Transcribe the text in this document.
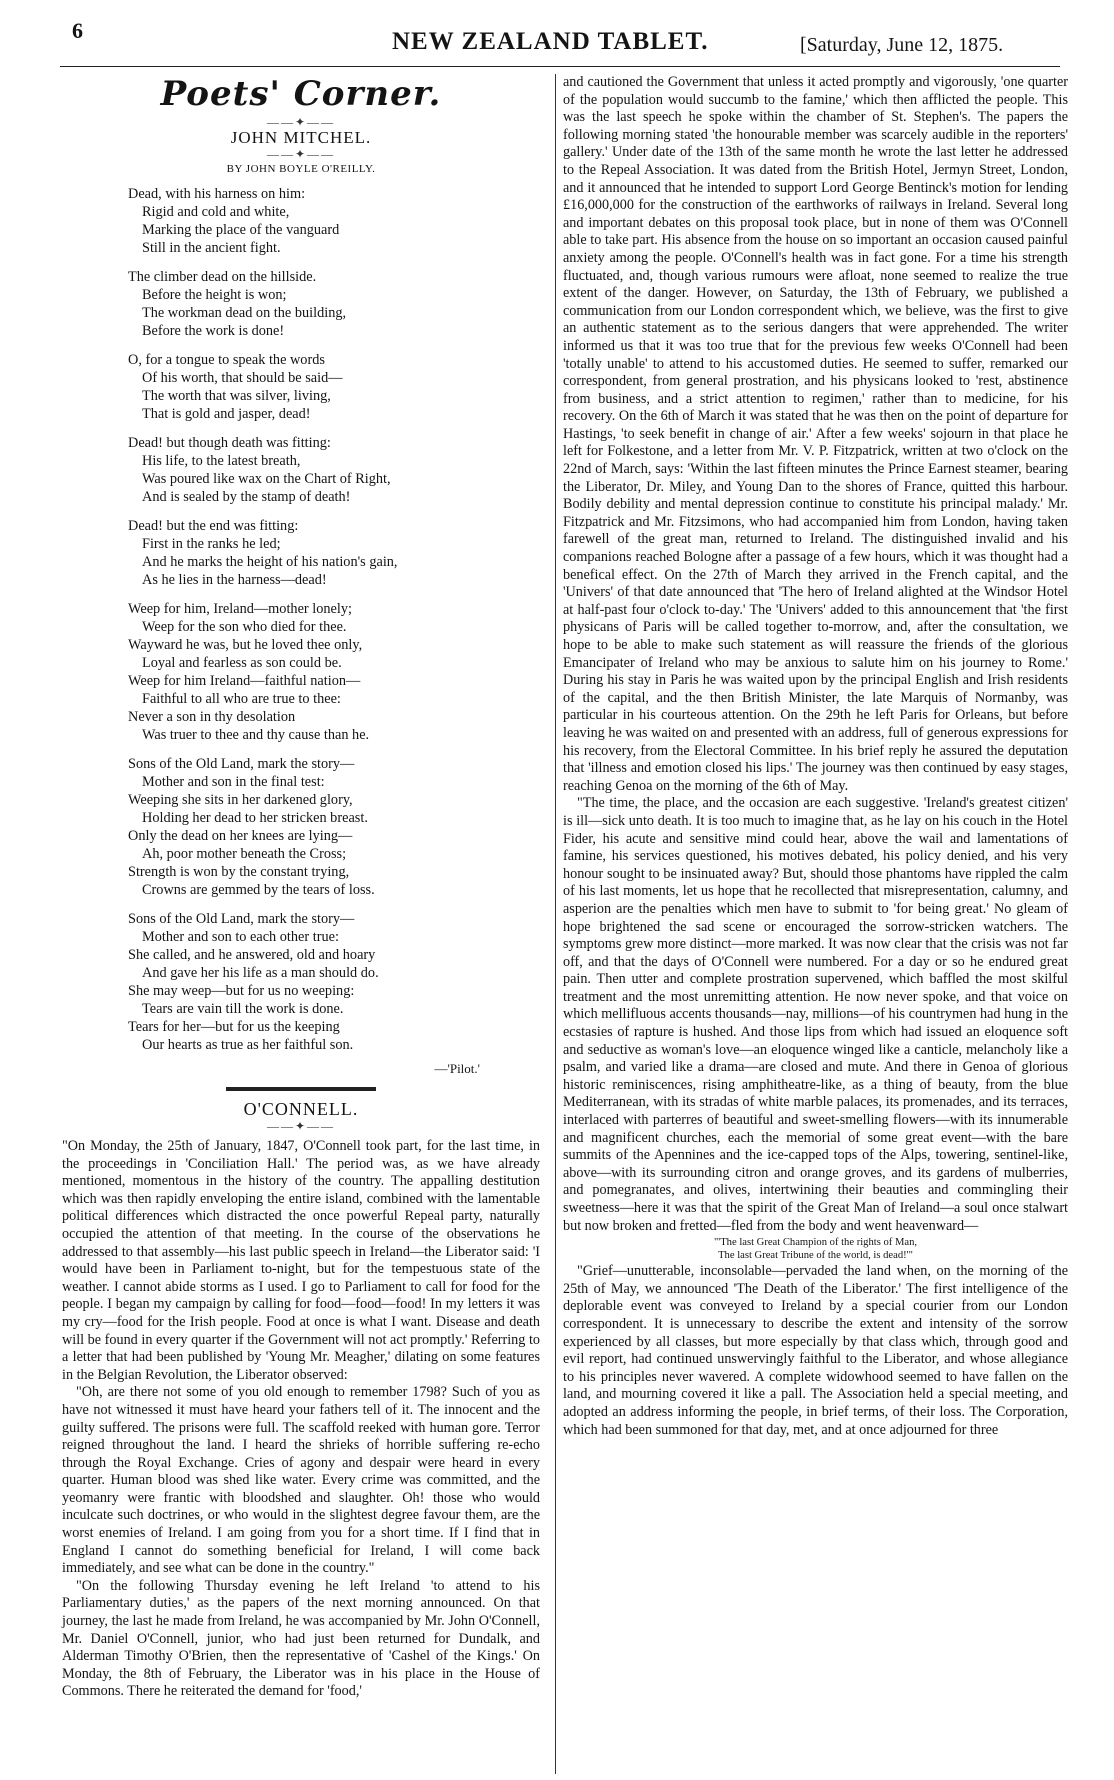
6	NEW ZEALAND TABLET.	[Saturday, June 12, 1875.
Poets' Corner.
——✦——
JOHN MITCHEL.
——✦——
BY JOHN BOYLE O'REILLY.
Dead, with his harness on him:
Rigid and cold and white,
Marking the place of the vanguard
Still in the ancient fight.
The climber dead on the hillside.
Before the height is won;
The workman dead on the building,
Before the work is done!
O, for a tongue to speak the words
Of his worth, that should be said—
The worth that was silver, living,
That is gold and jasper, dead!
Dead! but though death was fitting:
His life, to the latest breath,
Was poured like wax on the Chart of Right,
And is sealed by the stamp of death!
Dead! but the end was fitting:
First in the ranks he led;
And he marks the height of his nation's gain,
As he lies in the harness—dead!
Weep for him, Ireland—mother lonely;
Weep for the son who died for thee.
Wayward he was, but he loved thee only,
Loyal and fearless as son could be.
Weep for him Ireland—faithful nation—
Faithful to all who are true to thee:
Never a son in thy desolation
Was truer to thee and thy cause than he.
Sons of the Old Land, mark the story—
Mother and son in the final test:
Weeping she sits in her darkened glory,
Holding her dead to her stricken breast.
Only the dead on her knees are lying—
Ah, poor mother beneath the Cross;
Strength is won by the constant trying,
Crowns are gemmed by the tears of loss.
Sons of the Old Land, mark the story—
Mother and son to each other true:
She called, and he answered, old and hoary
And gave her his life as a man should do.
She may weep—but for us no weeping:
Tears are vain till the work is done.
Tears for her—but for us the keeping
Our hearts as true as her faithful son.
—'Pilot.'
O'CONNELL.
——✦——

"On Monday, the 25th of January, 1847, O'Connell took part, for the last time, in the proceedings in 'Conciliation Hall.' The period was, as we have already mentioned, momentous in the history of the country. The appalling destitution which was then rapidly enveloping the entire island, combined with the lamentable political differences which distracted the once powerful Repeal party, naturally occupied the attention of that meeting. In the course of the observations he addressed to that assembly—his last public speech in Ireland—the Liberator said: 'I would have been in Parliament to-night, but for the tempestuous state of the weather. I cannot abide storms as I used. I go to Parliament to call for food for the people. I began my campaign by calling for food—food—food! In my letters it was my cry—food for the Irish people. Food at once is what I want. Disease and death will be found in every quarter if the Government will not act promptly.' Referring to a letter that had been published by 'Young Mr. Meagher,' dilating on some features in the Belgian Revolution, the Liberator observed:

"Oh, are there not some of you old enough to remember 1798? Such of you as have not witnessed it must have heard your fathers tell of it. The innocent and the guilty suffered. The prisons were full. The scaffold reeked with human gore. Terror reigned throughout the land. I heard the shrieks of horrible suffering re-echo through the Royal Exchange. Cries of agony and despair were heard in every quarter. Human blood was shed like water. Every crime was committed, and the yeomanry were frantic with bloodshed and slaughter. Oh! those who would inculcate such doctrines, or who would in the slightest degree favour them, are the worst enemies of Ireland. I am going from you for a short time. If I find that in England I cannot do something beneficial for Ireland, I will come back immediately, and see what can be done in the country."

"On the following Thursday evening he left Ireland 'to attend to his Parliamentary duties,' as the papers of the next morning announced. On that journey, the last he made from Ireland, he was accompanied by Mr. John O'Connell, Mr. Daniel O'Connell, junior, who had just been returned for Dundalk, and Alderman Timothy O'Brien, then the representative of 'Cashel of the Kings.' On Monday, the 8th of February, the Liberator was in his place in the House of Commons. There he reiterated the demand for 'food,'

and cautioned the Government that unless it acted promptly and vigorously, 'one quarter of the population would succumb to the famine,' which then afflicted the people. This was the last speech he spoke within the chamber of St. Stephen's. The papers the following morning stated 'the honourable member was scarcely audible in the reporters' gallery.' Under date of the 13th of the same month he wrote the last letter he addressed to the Repeal Association. It was dated from the British Hotel, Jermyn Street, London, and it announced that he intended to support Lord George Bentinck's motion for lending £16,000,000 for the construction of the earthworks of railways in Ireland. Several long and important debates on this proposal took place, but in none of them was O'Connell able to take part. His absence from the house on so important an occasion caused painful anxiety among the people. O'Connell's health was in fact gone. For a time his strength fluctuated, and, though various rumours were afloat, none seemed to realize the true extent of the danger. However, on Saturday, the 13th of February, we published a communication from our London correspondent which, we believe, was the first to give an authentic statement as to the serious dangers that were apprehended. The writer informed us that it was too true that for the previous few weeks O'Connell had been 'totally unable' to attend to his accustomed duties. He seemed to suffer, remarked our correspondent, from general prostration, and his physicans looked to 'rest, abstinence from business, and a strict attention to regimen,' rather than to medicine, for his recovery. On the 6th of March it was stated that he was then on the point of departure for Hastings, 'to seek benefit in change of air.' After a few weeks' sojourn in that place he left for Folkestone, and a letter from Mr. V. P. Fitzpatrick, written at two o'clock on the 22nd of March, says: 'Within the last fifteen minutes the Prince Earnest steamer, bearing the Liberator, Dr. Miley, and Young Dan to the shores of France, quitted this harbour. Bodily debility and mental depression continue to constitute his principal malady.' Mr. Fitzpatrick and Mr. Fitzsimons, who had accompanied him from London, having taken farewell of the great man, returned to Ireland. The distinguished invalid and his companions reached Bologne after a passage of a few hours, which it was thought had a benefical effect. On the 27th of March they arrived in the French capital, and the 'Univers' of that date announced that 'The hero of Ireland alighted at the Windsor Hotel at half-past four o'clock to-day.' The 'Univers' added to this announcement that 'the first physicans of Paris will be called together to-morrow, and, after the consultation, we hope to be able to make such statement as will reassure the friends of the glorious Emancipater of Ireland who may be anxious to salute him on his journey to Rome.' During his stay in Paris he was waited upon by the principal English and Irish residents of the capital, and the then British Minister, the late Marquis of Normanby, was particular in his courteous attention. On the 29th he left Paris for Orleans, but before leaving he was waited on and presented with an address, full of generous expressions for his recovery, from the Electoral Committee. In his brief reply he assured the deputation that 'illness and emotion closed his lips.' The journey was then continued by easy stages, reaching Genoa on the morning of the 6th of May.

"The time, the place, and the occasion are each suggestive. 'Ireland's greatest citizen' is ill—sick unto death. It is too much to imagine that, as he lay on his couch in the Hotel Fider, his acute and sensitive mind could hear, above the wail and lamentations of famine, his services questioned, his motives debated, his policy denied, and his very honour sought to be insinuated away? But, should those phantoms have rippled the calm of his last moments, let us hope that he recollected that misrepresentation, calumny, and asperion are the penalties which men have to submit to 'for being great.' No gleam of hope brightened the sad scene or encouraged the sorrow-stricken watchers. The symptoms grew more distinct—more marked. It was now clear that the crisis was not far off, and that the days of O'Connell were numbered. For a day or so he endured great pain. Then utter and complete prostration supervened, which baffled the most skilful treatment and the most unremitting attention. He now never spoke, and that voice on which mellifluous accents thousands—nay, millions—of his countrymen had hung in the ecstasies of rapture is hushed. And those lips from which had issued an eloquence soft and seductive as woman's love—an eloquence winged like a canticle, melancholy like a psalm, and varied like a drama—are closed and mute. And there in Genoa of glorious historic reminiscences, rising amphitheatre-like, as a thing of beauty, from the blue Mediterranean, with its stradas of white marble palaces, its promenades, and its terraces, interlaced with parterres of beautiful and sweet-smelling flowers—with its innumerable and magnificent churches, each the memorial of some great event—with the bare summits of the Apennines and the ice-capped tops of the Alps, towering, sentinel-like, above—with its surrounding citron and orange groves, and its gardens of mulberries, and pomegranates, and olives, intertwining their beauties and commingling their sweetness—here it was that the spirit of the Great Man of Ireland—a soul once stalwart but now broken and fretted—fled from the body and went heavenward—

"'The last Great Champion of the rights of Man,
The last Great Tribune of the world, is dead!'"

"Grief—unutterable, inconsolable—pervaded the land when, on the morning of the 25th of May, we announced 'The Death of the Liberator.' The first intelligence of the deplorable event was conveyed to Ireland by a special courier from our London correspondent. It is unnecessary to describe the extent and intensity of the sorrow experienced by all classes, but more especially by that class which, through good and evil report, had continued unswervingly faithful to the Liberator, and whose allegiance to his principles never wavered. A complete widowhood seemed to have fallen on the land, and mourning covered it like a pall. The Association held a special meeting, and adopted an address informing the people, in brief terms, of their loss. The Corporation, which had been summoned for that day, met, and at once adjourned for three
